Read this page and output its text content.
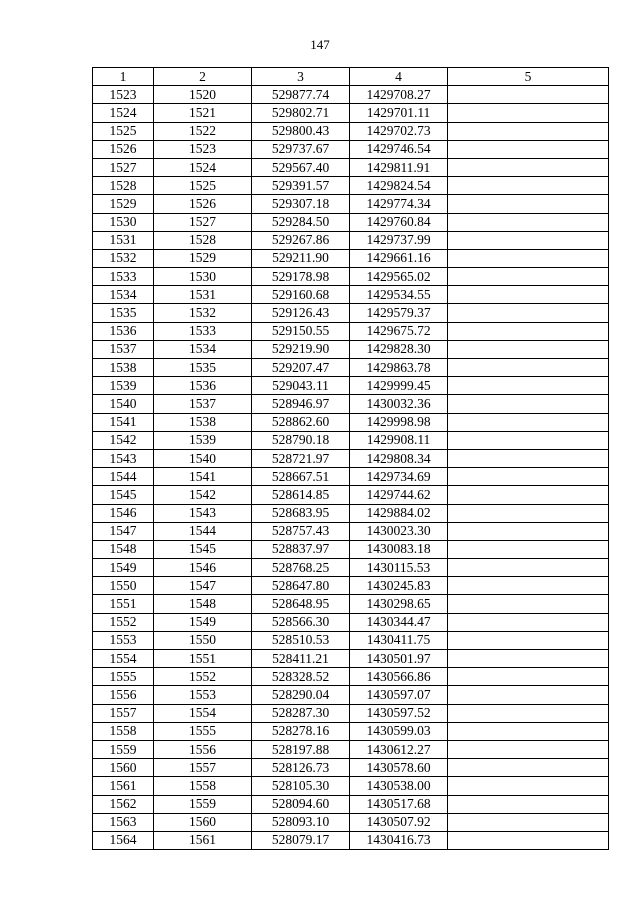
147
1	2	3	4	5
1523	1520	529877.74	1429708.27	
1524	1521	529802.71	1429701.11	
1525	1522	529800.43	1429702.73	
1526	1523	529737.67	1429746.54	
1527	1524	529567.40	1429811.91	
1528	1525	529391.57	1429824.54	
1529	1526	529307.18	1429774.34	
1530	1527	529284.50	1429760.84	
1531	1528	529267.86	1429737.99	
1532	1529	529211.90	1429661.16	
1533	1530	529178.98	1429565.02	
1534	1531	529160.68	1429534.55	
1535	1532	529126.43	1429579.37	
1536	1533	529150.55	1429675.72	
1537	1534	529219.90	1429828.30	
1538	1535	529207.47	1429863.78	
1539	1536	529043.11	1429999.45	
1540	1537	528946.97	1430032.36	
1541	1538	528862.60	1429998.98	
1542	1539	528790.18	1429908.11	
1543	1540	528721.97	1429808.34	
1544	1541	528667.51	1429734.69	
1545	1542	528614.85	1429744.62	
1546	1543	528683.95	1429884.02	
1547	1544	528757.43	1430023.30	
1548	1545	528837.97	1430083.18	
1549	1546	528768.25	1430115.53	
1550	1547	528647.80	1430245.83	
1551	1548	528648.95	1430298.65	
1552	1549	528566.30	1430344.47	
1553	1550	528510.53	1430411.75	
1554	1551	528411.21	1430501.97	
1555	1552	528328.52	1430566.86	
1556	1553	528290.04	1430597.07	
1557	1554	528287.30	1430597.52	
1558	1555	528278.16	1430599.03	
1559	1556	528197.88	1430612.27	
1560	1557	528126.73	1430578.60	
1561	1558	528105.30	1430538.00	
1562	1559	528094.60	1430517.68	
1563	1560	528093.10	1430507.92	
1564	1561	528079.17	1430416.73	
